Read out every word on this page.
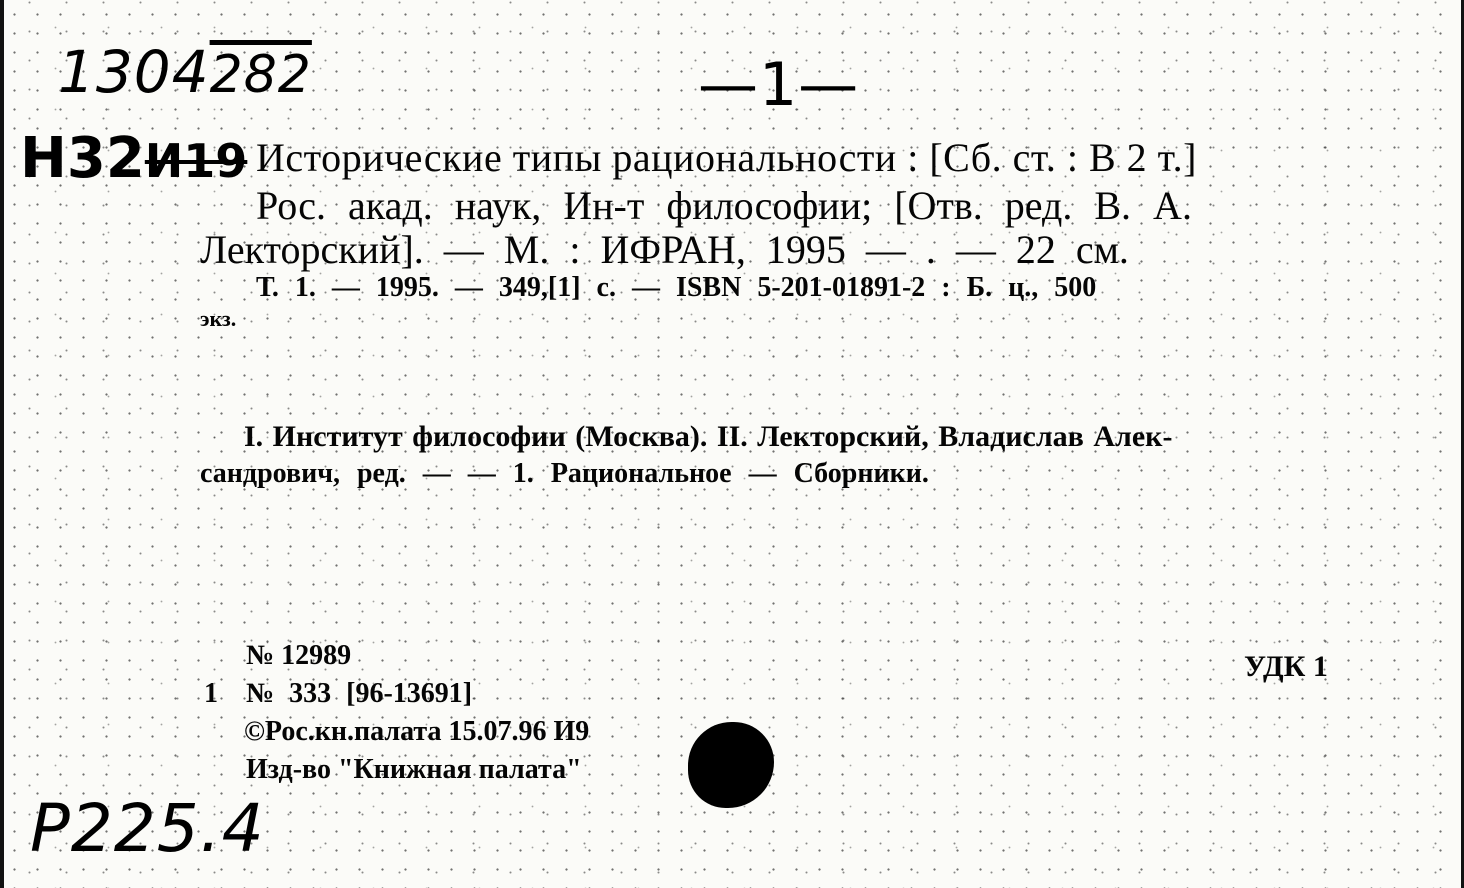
1304282	—1—
Н32И19
Р225.4
Исторические типы рациональности : [Сб. ст. : В 2 т.]
Рос. акад. наук, Ин-т философии; [Отв. ред. В. А.
Лекторский]. — М. : ИФРАН, 1995 — . — 22 см.
Т. 1. — 1995. — 349,[1] с. — ISBN 5-201-01891-2 : Б. ц., 500
экз.
I. Институт философии (Москва). II. Лекторский, Владислав Алек-
сандрович, ред. — — 1. Рациональное — Сборники.
№ 12989	УДК 1
1 № 333 [96-13691]
©Рос.кн.палата 15.07.96 И9
Изд-во "Книжная палата"
